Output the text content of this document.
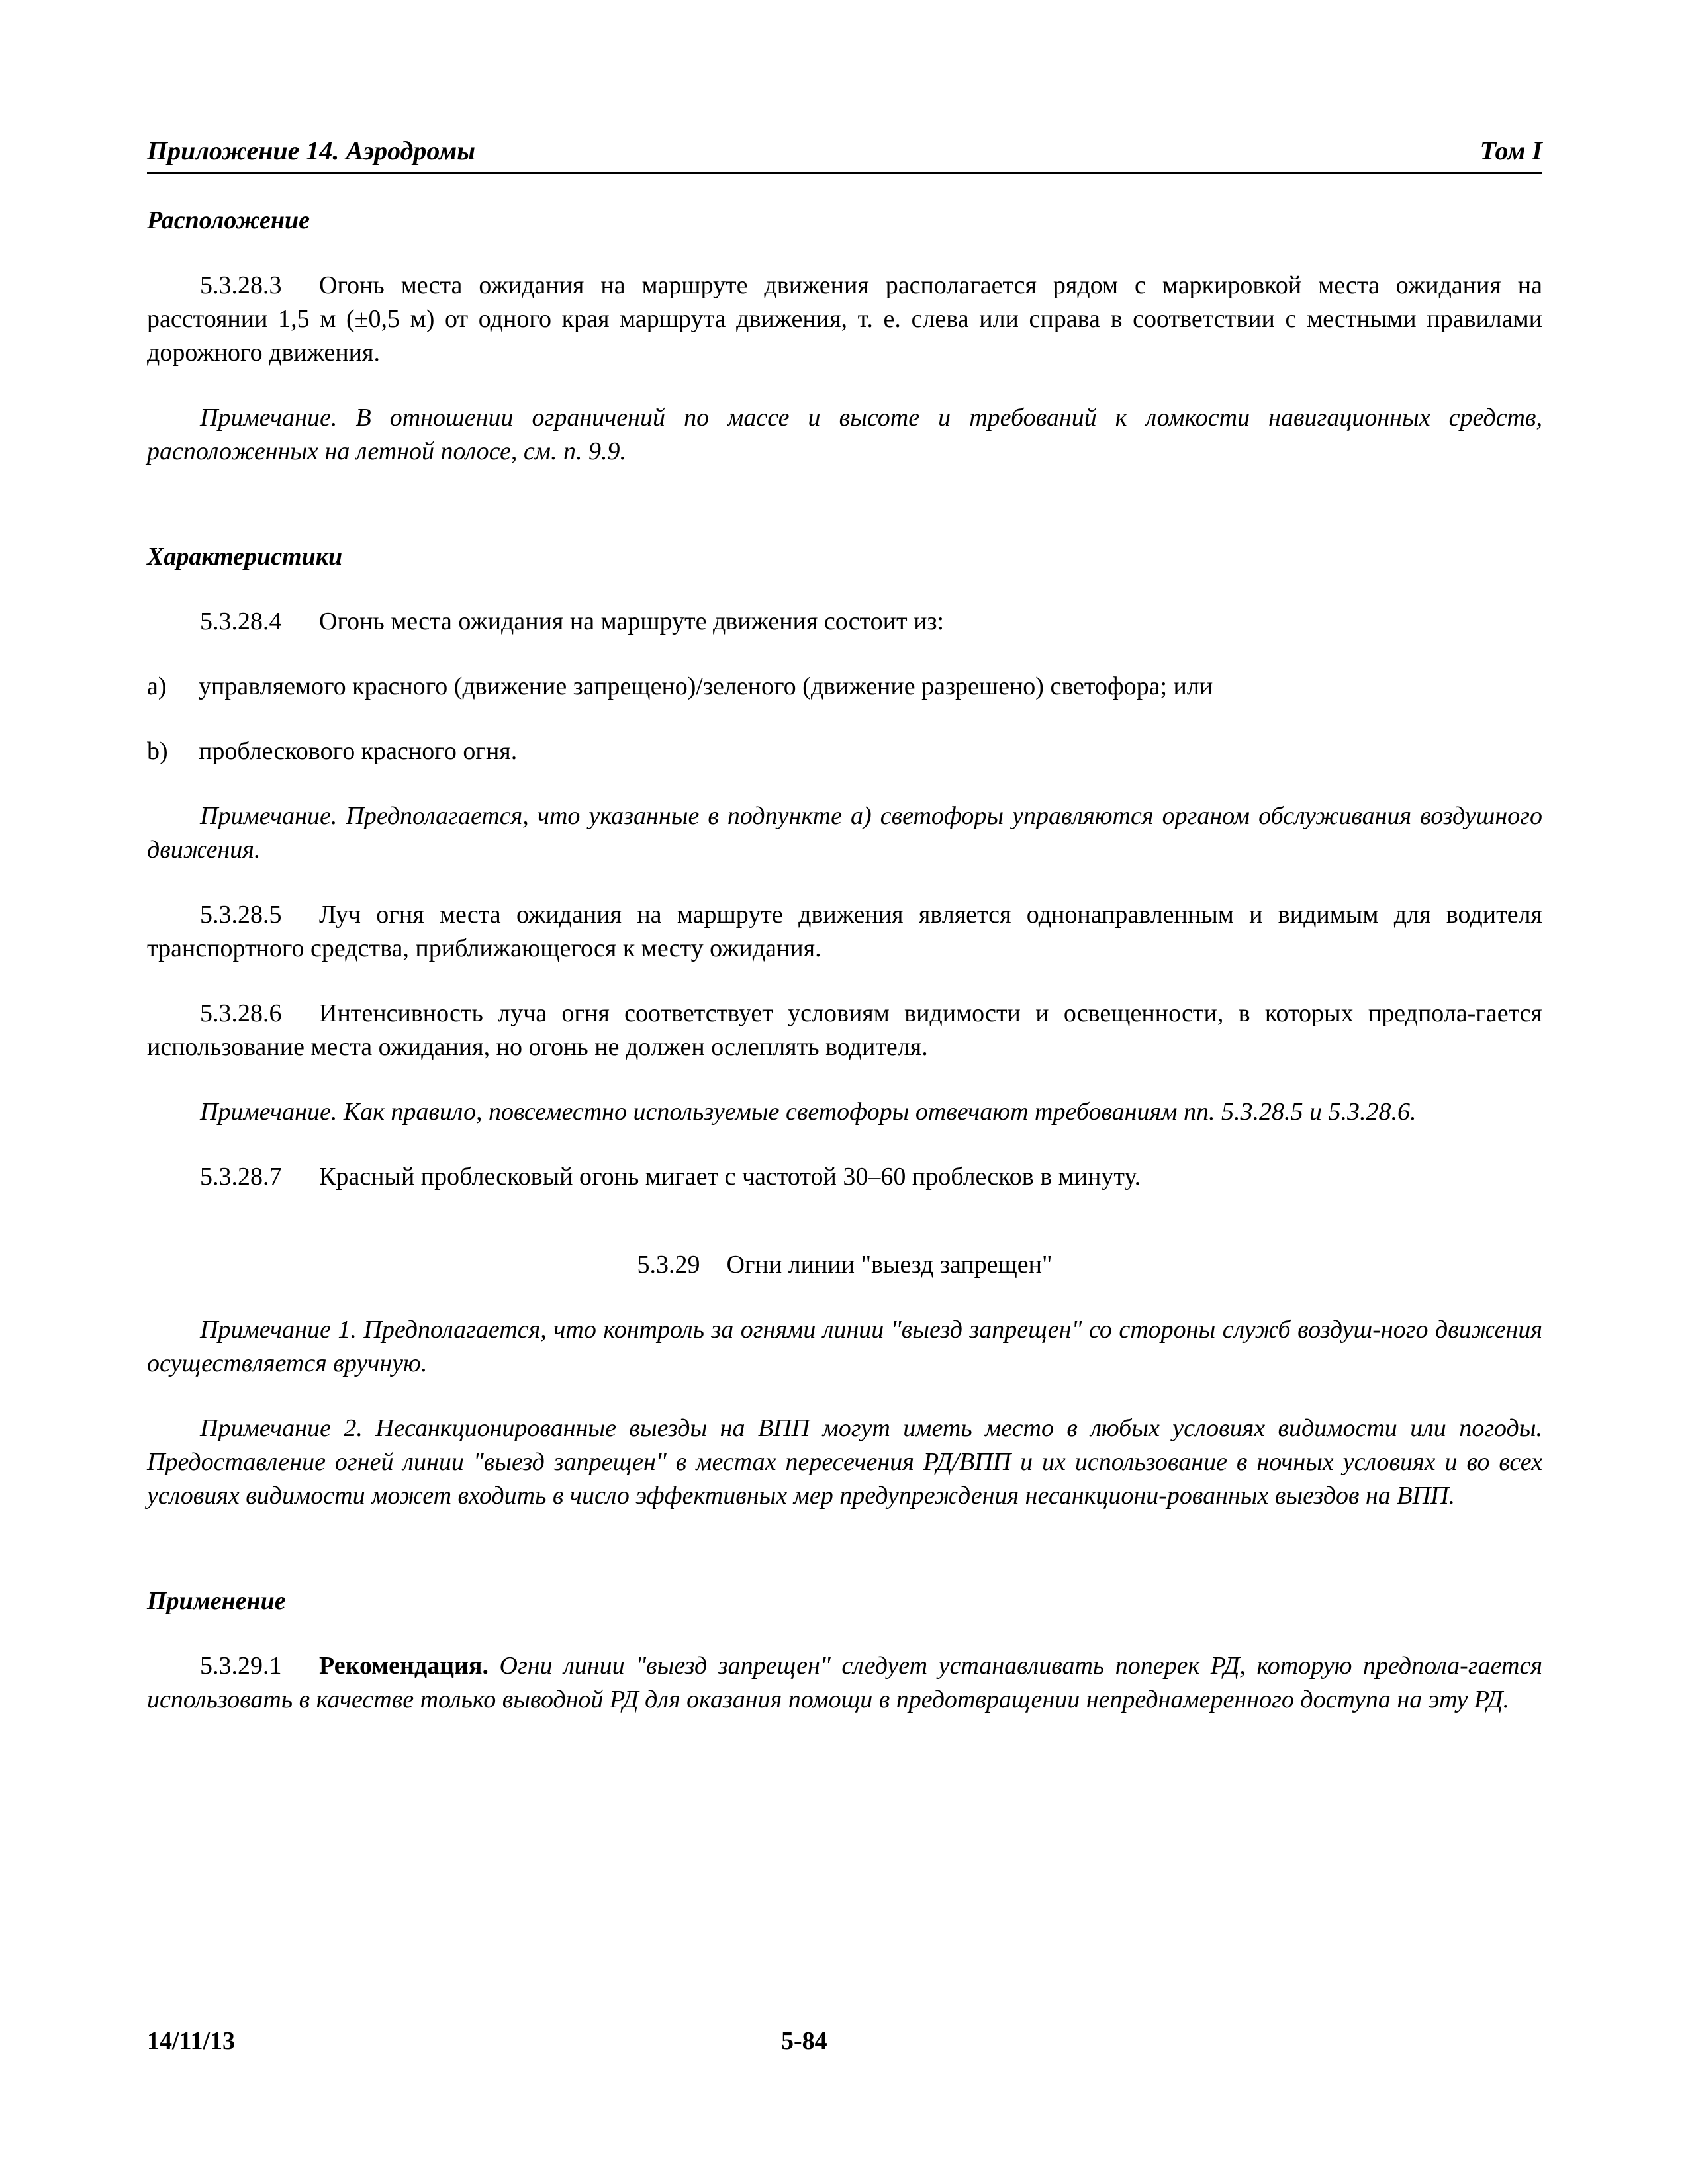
Приложение 14. Аэродромы	Том I

Расположение

5.3.28.3 Огонь места ожидания на маршруте движения располагается рядом с маркировкой места ожидания на расстоянии 1,5 м (±0,5 м) от одного края маршрута движения, т. е. слева или справа в соответствии с местными правилами дорожного движения.

Примечание. В отношении ограничений по массе и высоте и требований к ломкости навигационных средств, расположенных на летной полосе, см. п. 9.9.

Характеристики

5.3.28.4 Огонь места ожидания на маршруте движения состоит из:

a) управляемого красного (движение запрещено)/зеленого (движение разрешено) светофора; или

b) проблескового красного огня.

Примечание. Предполагается, что указанные в подпункте а) светофоры управляются органом обслуживания воздушного движения.

5.3.28.5 Луч огня места ожидания на маршруте движения является однонаправленным и видимым для водителя транспортного средства, приближающегося к месту ожидания.

5.3.28.6 Интенсивность луча огня соответствует условиям видимости и освещенности, в которых предпола-гается использование места ожидания, но огонь не должен ослеплять водителя.

Примечание. Как правило, повсеместно используемые светофоры отвечают требованиям пп. 5.3.28.5 и 5.3.28.6.

5.3.28.7 Красный проблесковый огонь мигает с частотой 30–60 проблесков в минуту.

5.3.29 Огни линии "выезд запрещен"

Примечание 1. Предполагается, что контроль за огнями линии "выезд запрещен" со стороны служб воздуш-ного движения осуществляется вручную.

Примечание 2. Несанкционированные выезды на ВПП могут иметь место в любых условиях видимости или погоды. Предоставление огней линии "выезд запрещен" в местах пересечения РД/ВПП и их использование в ночных условиях и во всех условиях видимости может входить в число эффективных мер предупреждения несанкциони-рованных выездов на ВПП.

Применение

5.3.29.1 Рекомендация. Огни линии "выезд запрещен" следует устанавливать поперек РД, которую предпола-гается использовать в качестве только выводной РД для оказания помощи в предотвращении непреднамеренного доступа на эту РД.

14/11/13	5-84
